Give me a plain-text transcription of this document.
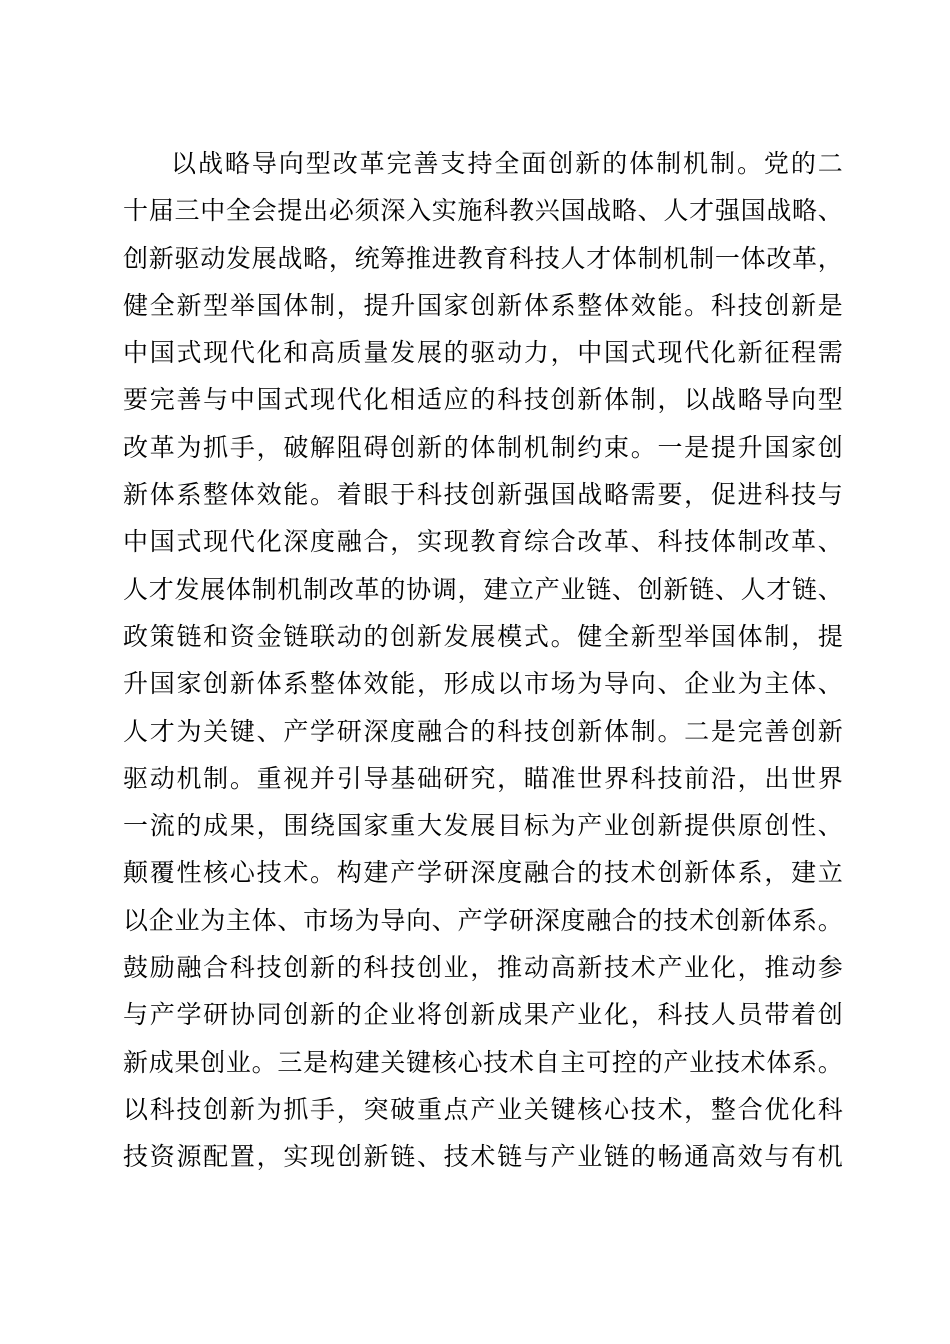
以战略导向型改革完善支持全面创新的体制机制。党的二
十届三中全会提出必须深入实施科教兴国战略、人才强国战略、
创新驱动发展战略，统筹推进教育科技人才体制机制一体改革，
健全新型举国体制，提升国家创新体系整体效能。科技创新是
中国式现代化和高质量发展的驱动力，中国式现代化新征程需
要完善与中国式现代化相适应的科技创新体制，以战略导向型
改革为抓手，破解阻碍创新的体制机制约束。一是提升国家创
新体系整体效能。着眼于科技创新强国战略需要，促进科技与
中国式现代化深度融合，实现教育综合改革、科技体制改革、
人才发展体制机制改革的协调，建立产业链、创新链、人才链、
政策链和资金链联动的创新发展模式。健全新型举国体制，提
升国家创新体系整体效能，形成以市场为导向、企业为主体、
人才为关键、产学研深度融合的科技创新体制。二是完善创新
驱动机制。重视并引导基础研究，瞄准世界科技前沿，出世界
一流的成果，围绕国家重大发展目标为产业创新提供原创性、
颠覆性核心技术。构建产学研深度融合的技术创新体系，建立
以企业为主体、市场为导向、产学研深度融合的技术创新体系。
鼓励融合科技创新的科技创业，推动高新技术产业化，推动参
与产学研协同创新的企业将创新成果产业化，科技人员带着创
新成果创业。三是构建关键核心技术自主可控的产业技术体系。
以科技创新为抓手，突破重点产业关键核心技术，整合优化科
技资源配置，实现创新链、技术链与产业链的畅通高效与有机
